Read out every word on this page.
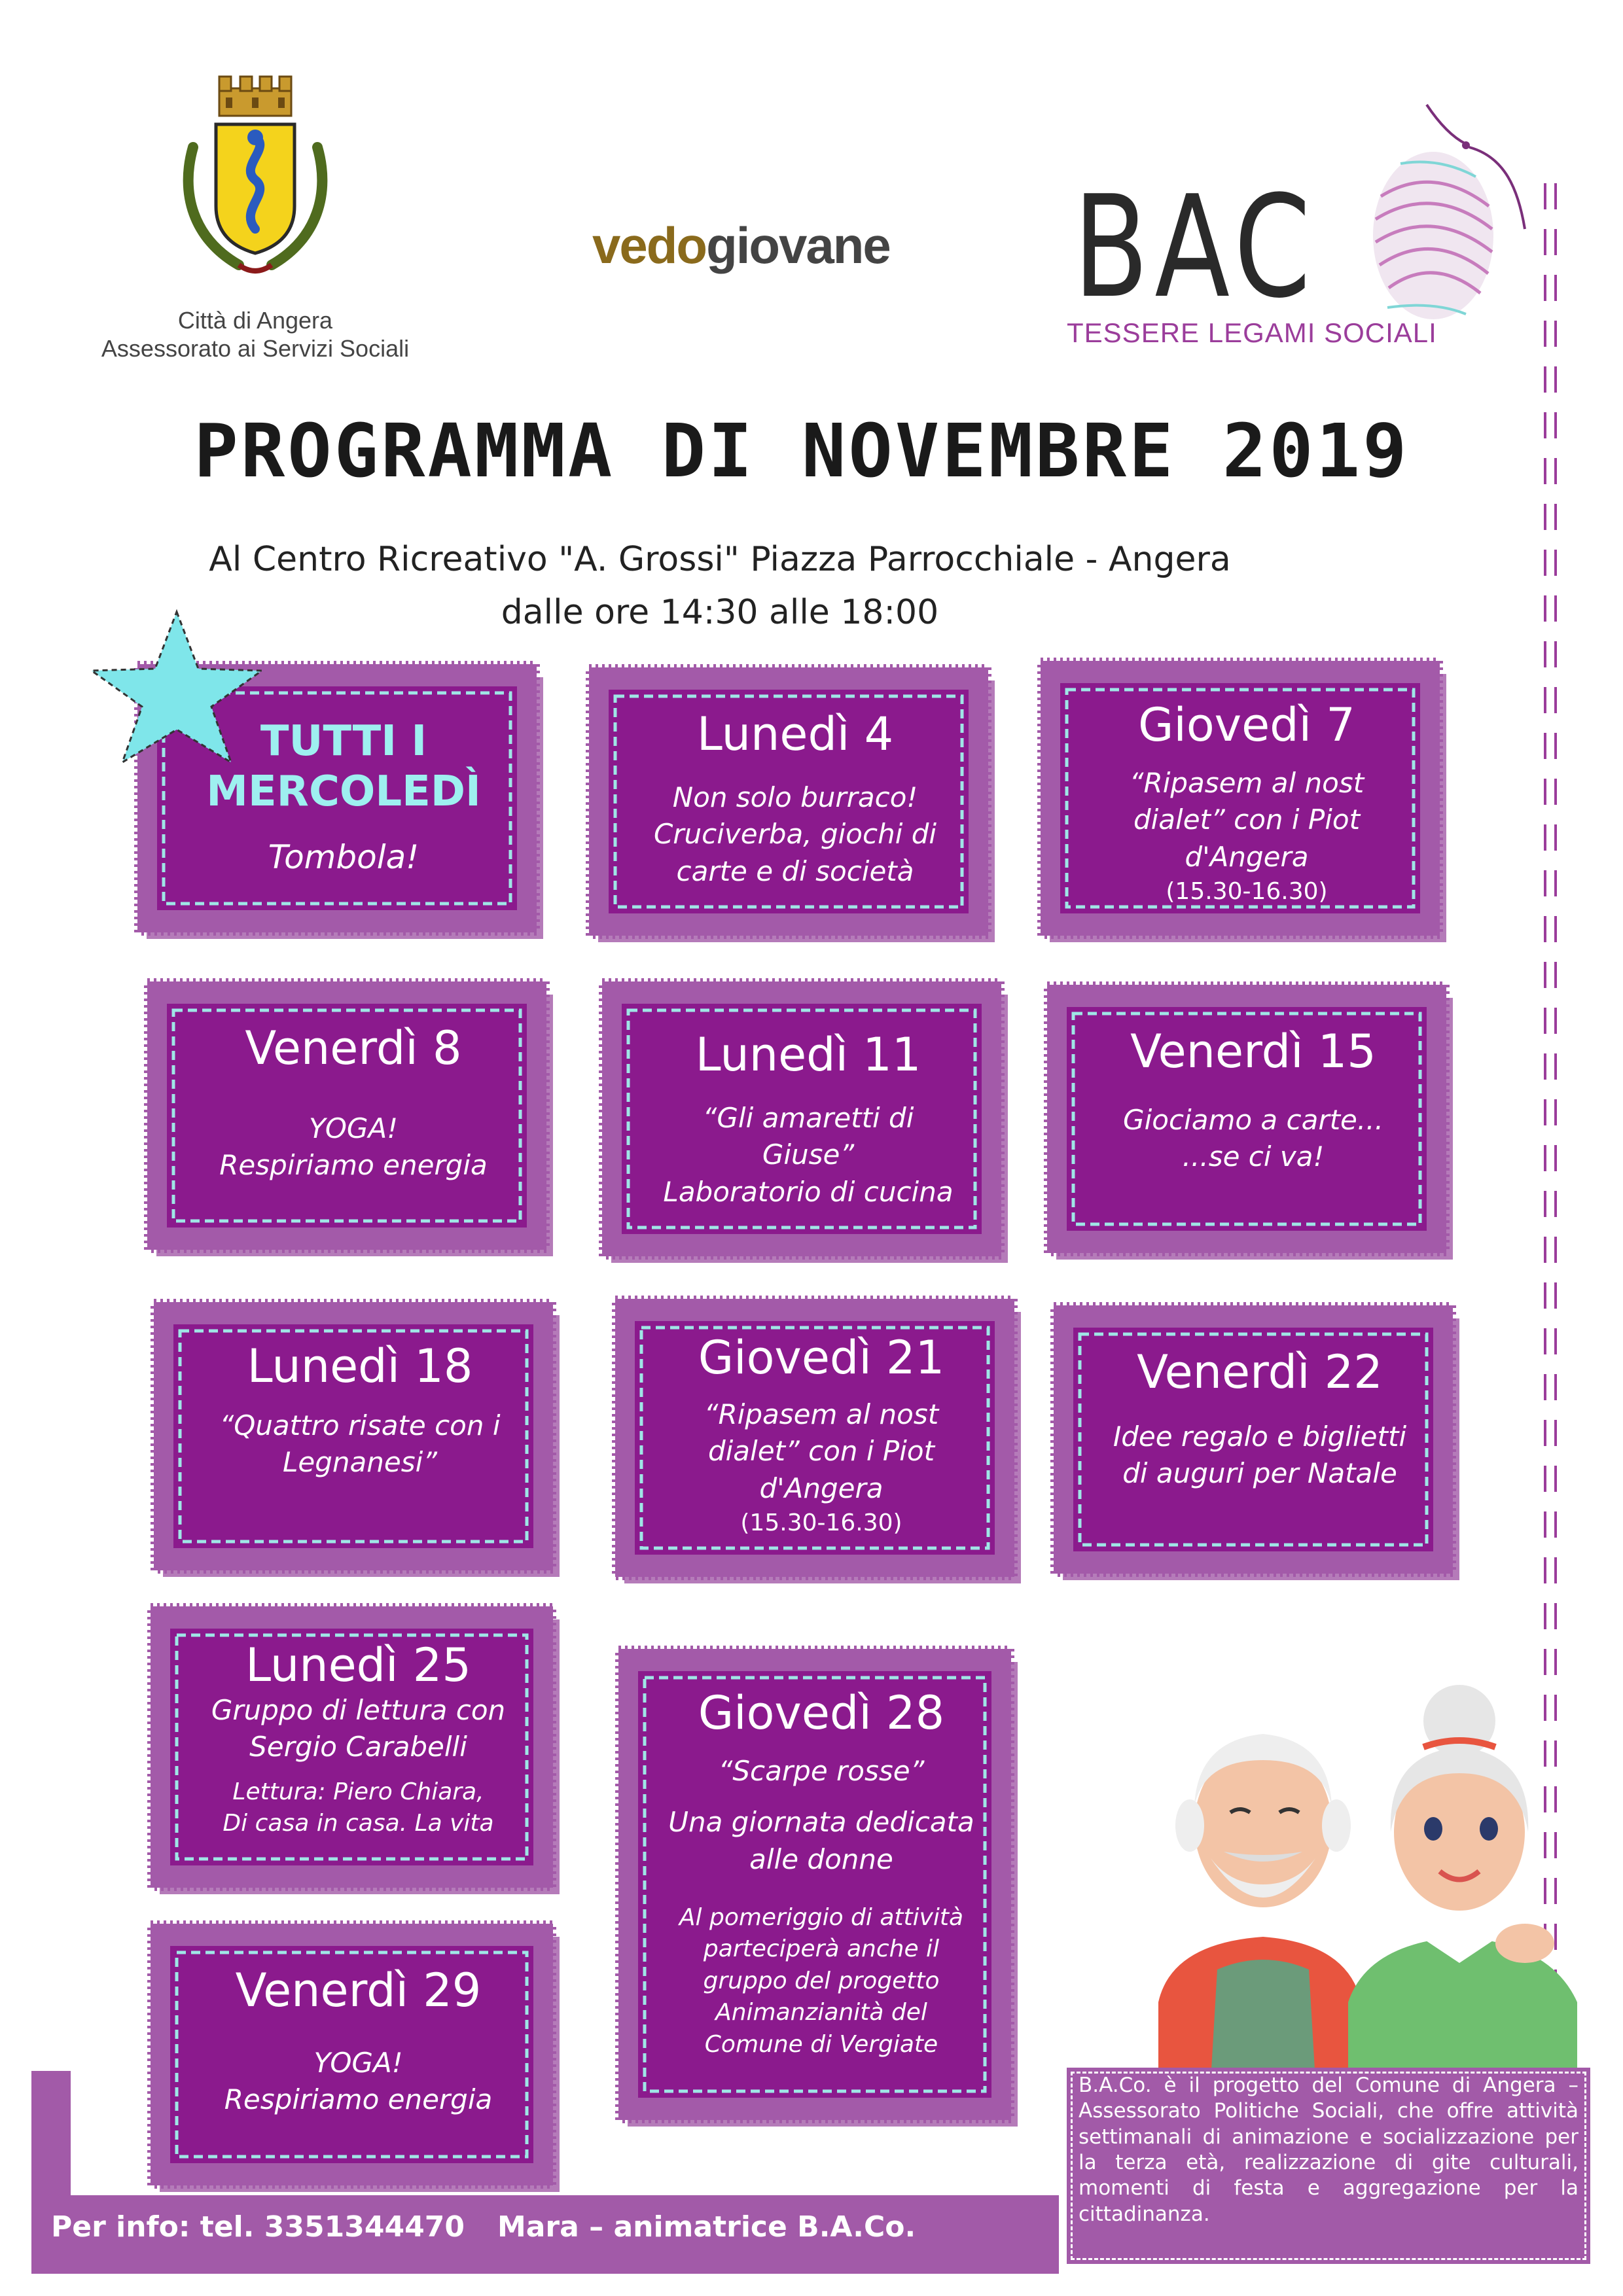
Città di Angera
Assessorato ai Servizi Sociali
vedogiovane BAC
TESSERE LEGAMI SOCIALI
PROGRAMMA DI NOVEMBRE 2019
Al Centro Ricreativo "A. Grossi" Piazza Parrocchiale - Angera
dalle ore 14:30 alle 18:00
TUTTI I
MERCOLEDÌ
Tombola!
Lunedì 4
Non solo burraco!
Cruciverba, giochi di
carte e di società
Giovedì 7
“Ripasem al nost
dialet” con i Piot
d'Angera
(15.30-16.30)
Venerdì 8
YOGA!
Respiriamo energia
Lunedì 11
“Gli amaretti di
Giuse”
Laboratorio di cucina
Venerdì 15
Giociamo a carte...
...se ci va!
Lunedì 18
“Quattro risate con i
Legnanesi”
Giovedì 21
“Ripasem al nost
dialet” con i Piot
d'Angera
(15.30-16.30)
Venerdì 22
Idee regalo e biglietti
di auguri per Natale
Lunedì 25
Gruppo di lettura con
Sergio Carabelli
Lettura: Piero Chiara,
Di casa in casa. La vita
Giovedì 28
“Scarpe rosse”
Una giornata dedicata
alle donne
Al pomeriggio di attività
parteciperà anche il
gruppo del progetto
Animanzianità del
Comune di Vergiate
Venerdì 29
YOGA!
Respiriamo energia
Per info: tel. 3351344470 Mara – animatrice B.A.Co.
B.A.Co. è il progetto del Comune di Angera – Assessorato Politiche Sociali, che offre attività settimanali di animazione e socializzazione per la terza età, realizzazione di gite culturali, momenti di festa e aggregazione per la cittadinanza.
